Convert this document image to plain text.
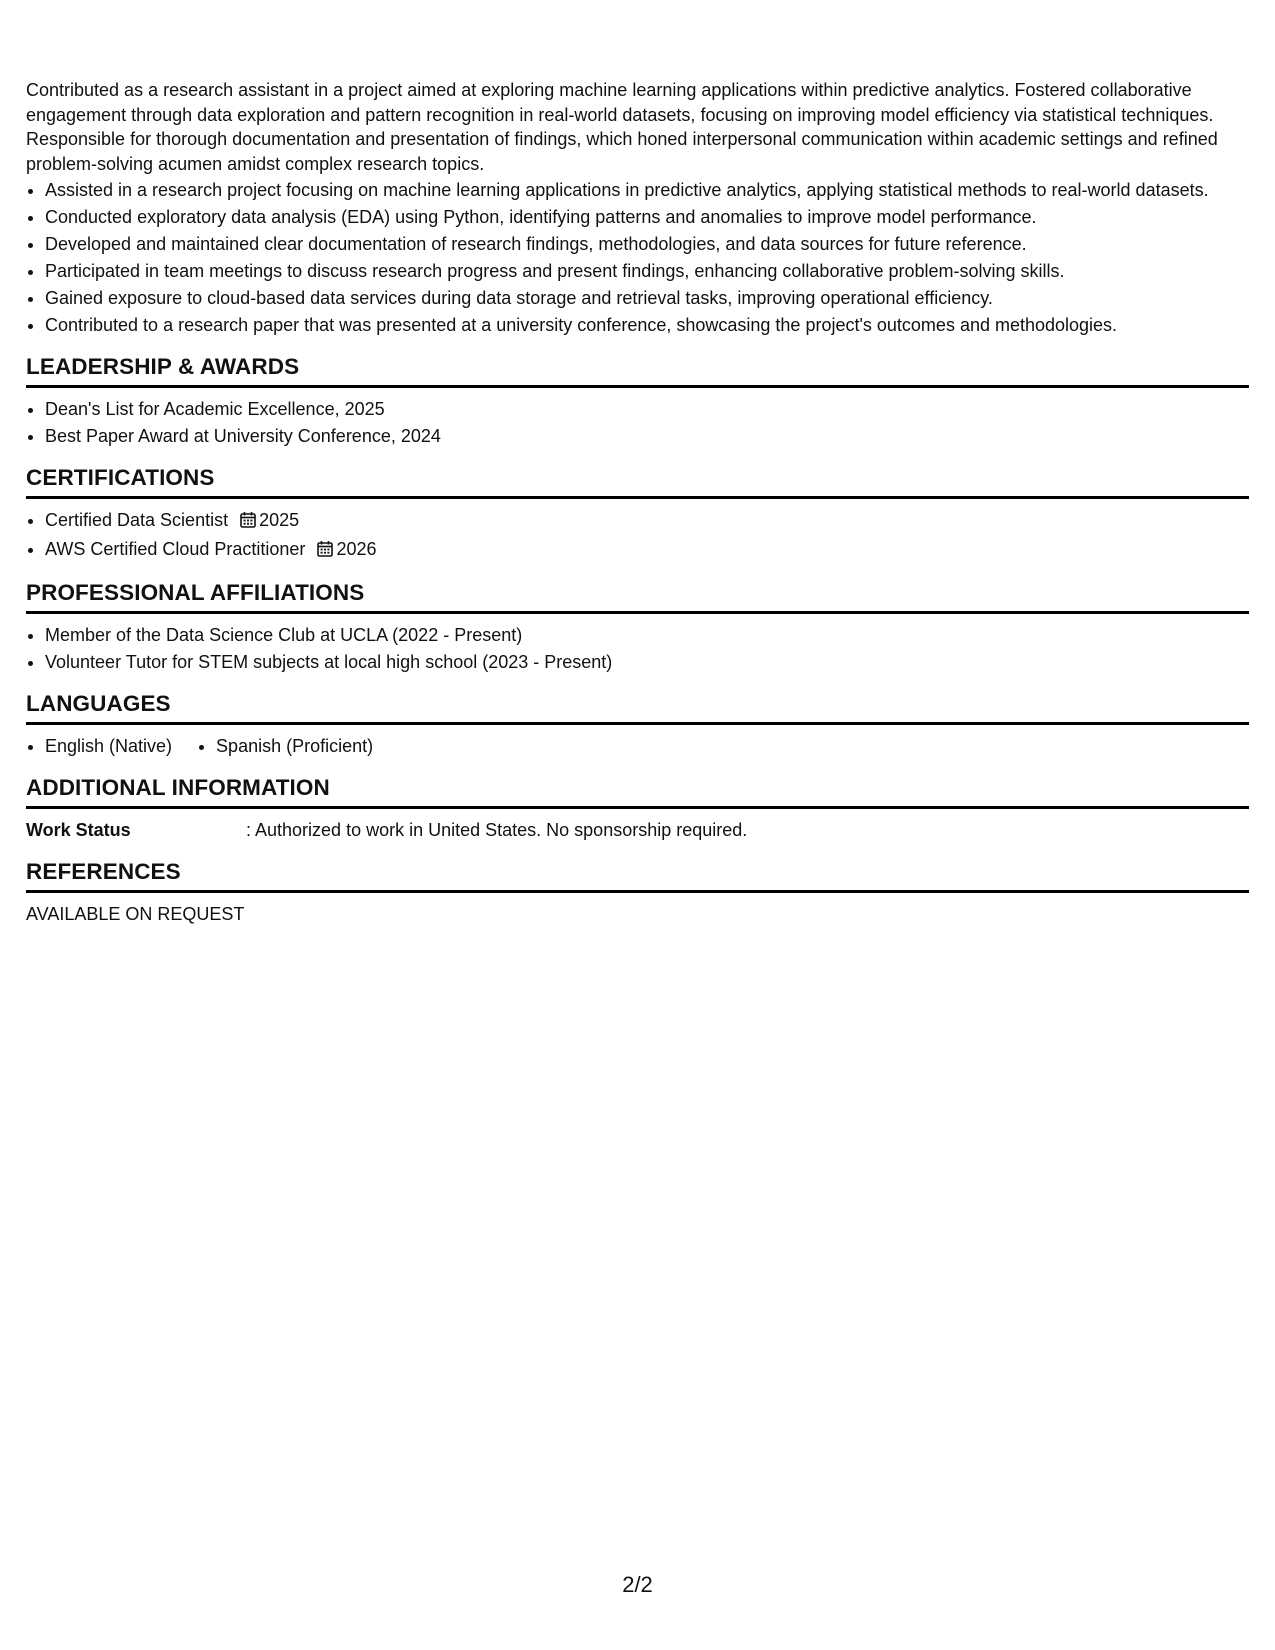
Contributed as a research assistant in a project aimed at exploring machine learning applications within predictive analytics. Fostered collaborative engagement through data exploration and pattern recognition in real-world datasets, focusing on improving model efficiency via statistical techniques. Responsible for thorough documentation and presentation of findings, which honed interpersonal communication within academic settings and refined problem-solving acumen amidst complex research topics.

• Assisted in a research project focusing on machine learning applications in predictive analytics, applying statistical methods to real-world datasets.
• Conducted exploratory data analysis (EDA) using Python, identifying patterns and anomalies to improve model performance.
• Developed and maintained clear documentation of research findings, methodologies, and data sources for future reference.
• Participated in team meetings to discuss research progress and present findings, enhancing collaborative problem-solving skills.
• Gained exposure to cloud-based data services during data storage and retrieval tasks, improving operational efficiency.
• Contributed to a research paper that was presented at a university conference, showcasing the project's outcomes and methodologies.
LEADERSHIP & AWARDS
• Dean's List for Academic Excellence, 2025
• Best Paper Award at University Conference, 2024
CERTIFICATIONS
• Certified Data Scientist 2025
• AWS Certified Cloud Practitioner 2026
PROFESSIONAL AFFILIATIONS
• Member of the Data Science Club at UCLA (2022 - Present)
• Volunteer Tutor for STEM subjects at local high school (2023 - Present)
LANGUAGES
• English (Native)
• Spanish (Proficient)
ADDITIONAL INFORMATION
Work Status	: Authorized to work in United States. No sponsorship required.
REFERENCES
AVAILABLE ON REQUEST
2/2
